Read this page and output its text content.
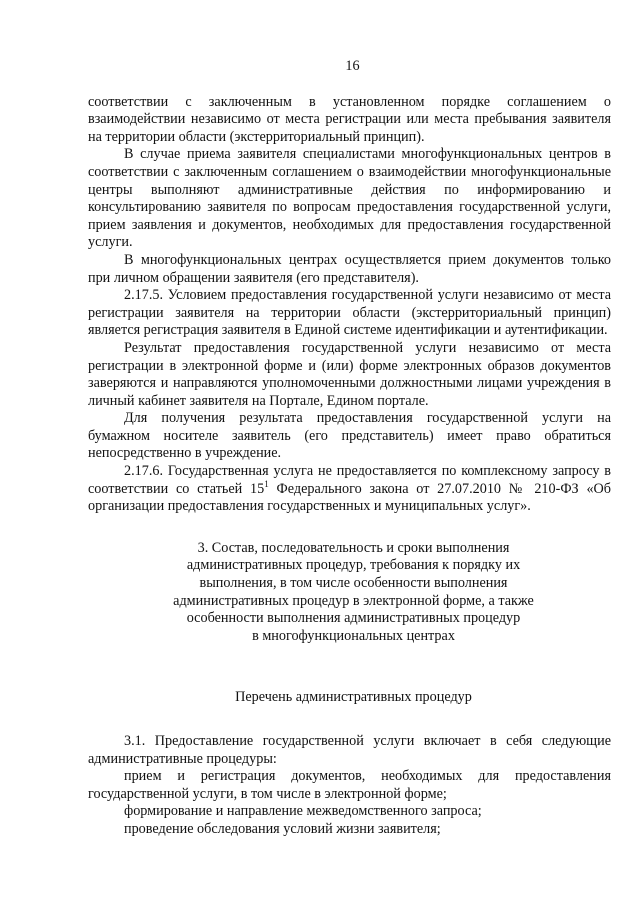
16

соответствии с заключенным в установленном порядке соглашением о взаимодействии независимо от места регистрации или места пребывания заявителя на территории области (экстерриториальный принцип).

В случае приема заявителя специалистами многофункциональных центров в соответствии с заключенным соглашением о взаимодействии многофункциональные центры выполняют административные действия по информированию и консультированию заявителя по вопросам предоставления государственной услуги, прием заявления и документов, необходимых для предоставления государственной услуги.

В многофункциональных центрах осуществляется прием документов только при личном обращении заявителя (его представителя).

2.17.5. Условием предоставления государственной услуги независимо от места регистрации заявителя на территории области (экстерриториальный принцип) является регистрация заявителя в Единой системе идентификации и аутентификации.

Результат предоставления государственной услуги независимо от места регистрации в электронной форме и (или) форме электронных образов документов заверяются и направляются уполномоченными должностными лицами учреждения в личный кабинет заявителя на Портале, Едином портале.

Для получения результата предоставления государственной услуги на бумажном носителе заявитель (его представитель) имеет право обратиться непосредственно в учреждение.

2.17.6. Государственная услуга не предоставляется по комплексному запросу в соответствии со статьей $15^1$ Федерального закона от 27.07.2010 № 210-ФЗ «Об организации предоставления государственных и муниципальных услуг».

3. Состав, последовательность и сроки выполнения
административных процедур, требования к порядку их
выполнения, в том числе особенности выполнения
административных процедур в электронной форме, а также
особенности выполнения административных процедур
в многофункциональных центрах
Перечень административных процедур

3.1. Предоставление государственной услуги включает в себя следующие административные процедуры:

прием и регистрация документов, необходимых для предоставления государственной услуги, в том числе в электронной форме;

формирование и направление межведомственного запроса;

проведение обследования условий жизни заявителя;
